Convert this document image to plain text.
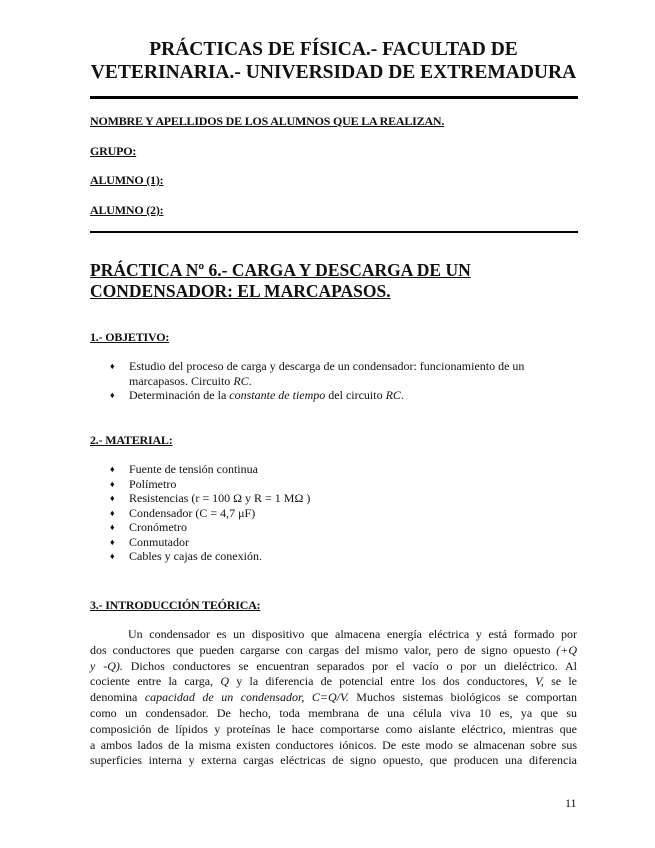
PRÁCTICAS DE FÍSICA.- FACULTAD DE
VETERINARIA.- UNIVERSIDAD DE EXTREMADURA
NOMBRE Y APELLIDOS DE LOS ALUMNOS QUE LA REALIZAN.
GRUPO:
ALUMNO (1):
ALUMNO (2):
PRÁCTICA Nº 6.- CARGA Y DESCARGA DE UN
CONDENSADOR: EL MARCAPASOS.
1.- OBJETIVO:
♦ Estudio del proceso de carga y descarga de un condensador: funcionamiento de un
marcapasos. Circuito RC.
♦ Determinación de la constante de tiempo del circuito RC.
2.- MATERIAL:
♦ Fuente de tensión continua
♦ Polímetro
♦ Resistencias (r = 100 Ω y R = 1 MΩ )
♦ Condensador (C = 4,7 μF)
♦ Cronómetro
♦ Conmutador
♦ Cables y cajas de conexión.
3.- INTRODUCCIÓN TEÓRICA:
Un condensador es un dispositivo que almacena energía eléctrica y está formado por
dos conductores que pueden cargarse con cargas del mismo valor, pero de signo opuesto (+Q
y -Q). Dichos conductores se encuentran separados por el vacío o por un dieléctrico. Al
cociente entre la carga, Q y la diferencia de potencial entre los dos conductores, V, se le
denomina capacidad de un condensador, C=Q/V. Muchos sistemas biológicos se comportan
como un condensador. De hecho, toda membrana de una célula viva 10 es, ya que su
composición de lípidos y proteínas le hace comportarse como aislante eléctrico, mientras que
a ambos lados de la misma existen conductores iónicos. De este modo se almacenan sobre sus
superficies interna y externa cargas eléctricas de signo opuesto, que producen una diferencia
11
